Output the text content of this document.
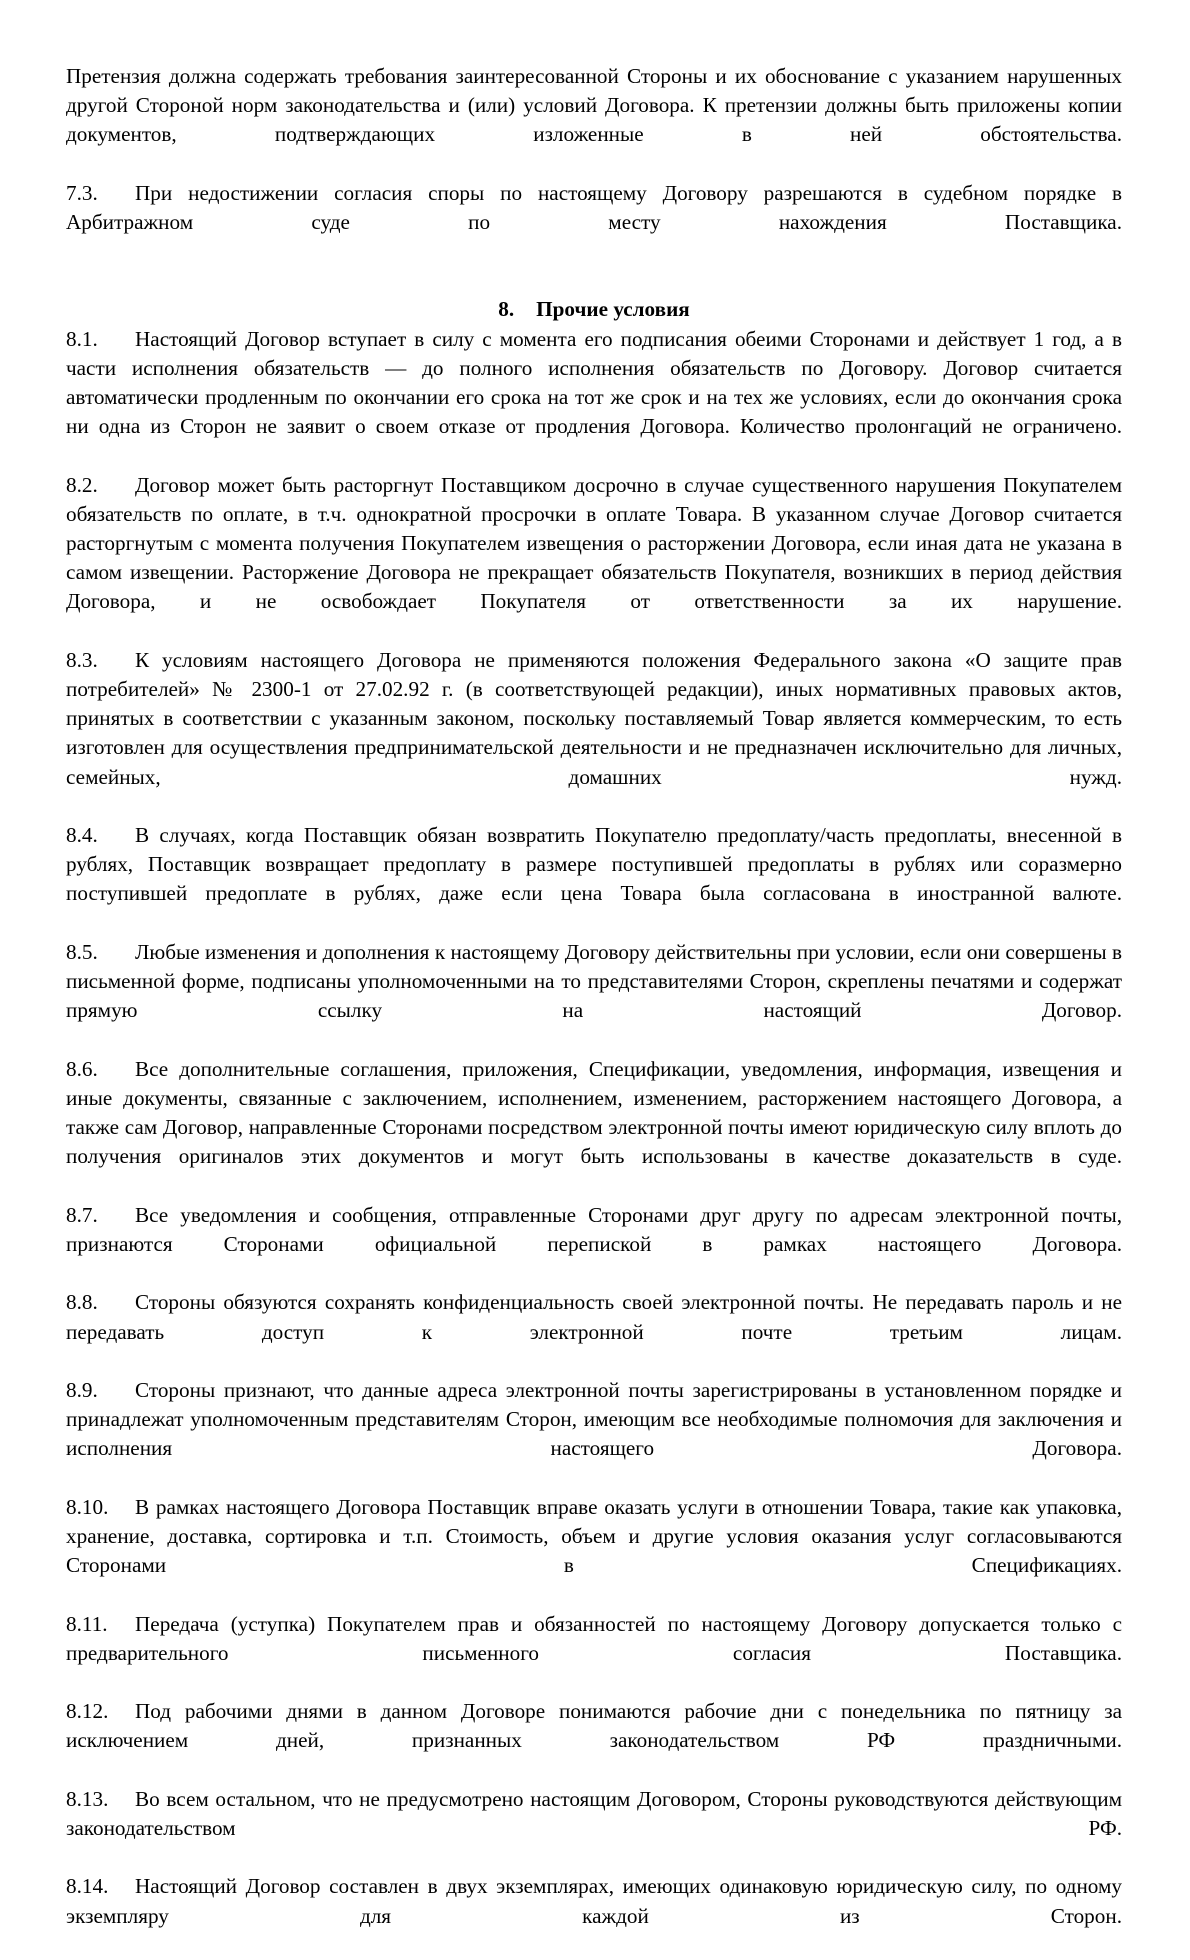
Претензия должна содержать требования заинтересованной Стороны и их обоснование с указанием нарушенных другой Стороной норм законодательства и (или) условий Договора. К претензии должны быть приложены копии документов, подтверждающих изложенные в ней обстоятельства.

7.3. При недостижении согласия споры по настоящему Договору разрешаются в судебном порядке в Арбитражном суде по месту нахождения Поставщика.

8. Прочие условия

8.1. Настоящий Договор вступает в силу с момента его подписания обеими Сторонами и действует 1 год, а в части исполнения обязательств — до полного исполнения обязательств по Договору. Договор считается автоматически продленным по окончании его срока на тот же срок и на тех же условиях, если до окончания срока ни одна из Сторон не заявит о своем отказе от продления Договора. Количество пролонгаций не ограничено.

8.2. Договор может быть расторгнут Поставщиком досрочно в случае существенного нарушения Покупателем обязательств по оплате, в т.ч. однократной просрочки в оплате Товара. В указанном случае Договор считается расторгнутым с момента получения Покупателем извещения о расторжении Договора, если иная дата не указана в самом извещении. Расторжение Договора не прекращает обязательств Покупателя, возникших в период действия Договора, и не освобождает Покупателя от ответственности за их нарушение.

8.3. К условиям настоящего Договора не применяются положения Федерального закона «О защите прав потребителей» № 2300-1 от 27.02.92 г. (в соответствующей редакции), иных нормативных правовых актов, принятых в соответствии с указанным законом, поскольку поставляемый Товар является коммерческим, то есть изготовлен для осуществления предпринимательской деятельности и не предназначен исключительно для личных, семейных, домашних нужд.

8.4. В случаях, когда Поставщик обязан возвратить Покупателю предоплату/часть предоплаты, внесенной в рублях, Поставщик возвращает предоплату в размере поступившей предоплаты в рублях или соразмерно поступившей предоплате в рублях, даже если цена Товара была согласована в иностранной валюте.

8.5. Любые изменения и дополнения к настоящему Договору действительны при условии, если они совершены в письменной форме, подписаны уполномоченными на то представителями Сторон, скреплены печатями и содержат прямую ссылку на настоящий Договор.

8.6. Все дополнительные соглашения, приложения, Спецификации, уведомления, информация, извещения и иные документы, связанные с заключением, исполнением, изменением, расторжением настоящего Договора, а также сам Договор, направленные Сторонами посредством электронной почты имеют юридическую силу вплоть до получения оригиналов этих документов и могут быть использованы в качестве доказательств в суде.

8.7. Все уведомления и сообщения, отправленные Сторонами друг другу по адресам электронной почты, признаются Сторонами официальной перепиской в рамках настоящего Договора.

8.8. Стороны обязуются сохранять конфиденциальность своей электронной почты. Не передавать пароль и не передавать доступ к электронной почте третьим лицам.

8.9. Стороны признают, что данные адреса электронной почты зарегистрированы в установленном порядке и принадлежат уполномоченным представителям Сторон, имеющим все необходимые полномочия для заключения и исполнения настоящего Договора.

8.10. В рамках настоящего Договора Поставщик вправе оказать услуги в отношении Товара, такие как упаковка, хранение, доставка, сортировка и т.п. Стоимость, объем и другие условия оказания услуг согласовываются Сторонами в Спецификациях.

8.11. Передача (уступка) Покупателем прав и обязанностей по настоящему Договору допускается только с предварительного письменного согласия Поставщика.

8.12. Под рабочими днями в данном Договоре понимаются рабочие дни с понедельника по пятницу за исключением дней, признанных законодательством РФ праздничными.

8.13. Во всем остальном, что не предусмотрено настоящим Договором, Стороны руководствуются действующим законодательством РФ.

8.14. Настоящий Договор составлен в двух экземплярах, имеющих одинаковую юридическую силу, по одному экземпляру для каждой из Сторон.
